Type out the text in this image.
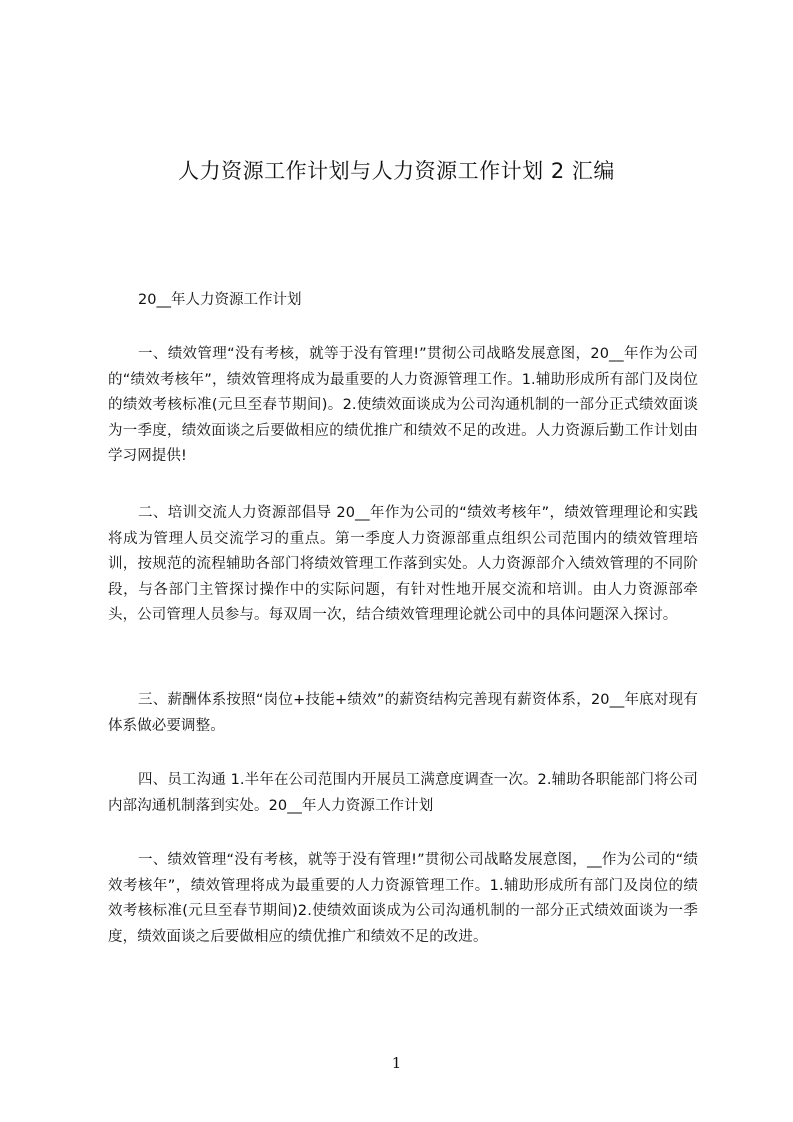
人力资源工作计划与人力资源工作计划 2 汇编
20__年人力资源工作计划

一、绩效管理“没有考核，就等于没有管理!”贯彻公司战略发展意图，20__年作为公司的“绩效考核年”，绩效管理将成为最重要的人力资源管理工作。1.辅助形成所有部门及岗位的绩效考核标准(元旦至春节期间)。2.使绩效面谈成为公司沟通机制的一部分正式绩效面谈为一季度，绩效面谈之后要做相应的绩优推广和绩效不足的改进。人力资源后勤工作计划由学习网提供!

二、培训交流人力资源部倡导 20__年作为公司的“绩效考核年”，绩效管理理论和实践将成为管理人员交流学习的重点。第一季度人力资源部重点组织公司范围内的绩效管理培训，按规范的流程辅助各部门将绩效管理工作落到实处。人力资源部介入绩效管理的不同阶段，与各部门主管探讨操作中的实际问题，有针对性地开展交流和培训。由人力资源部牵头，公司管理人员参与。每双周一次，结合绩效管理理论就公司中的具体问题深入探讨。

三、薪酬体系按照“岗位+技能+绩效”的薪资结构完善现有薪资体系，20__年底对现有体系做必要调整。

四、员工沟通 1.半年在公司范围内开展员工满意度调查一次。2.辅助各职能部门将公司内部沟通机制落到实处。20__年人力资源工作计划

一、绩效管理“没有考核，就等于没有管理!”贯彻公司战略发展意图，__作为公司的“绩效考核年”，绩效管理将成为最重要的人力资源管理工作。1.辅助形成所有部门及岗位的绩效考核标准(元旦至春节期间)2.使绩效面谈成为公司沟通机制的一部分正式绩效面谈为一季度，绩效面谈之后要做相应的绩优推广和绩效不足的改进。

1
